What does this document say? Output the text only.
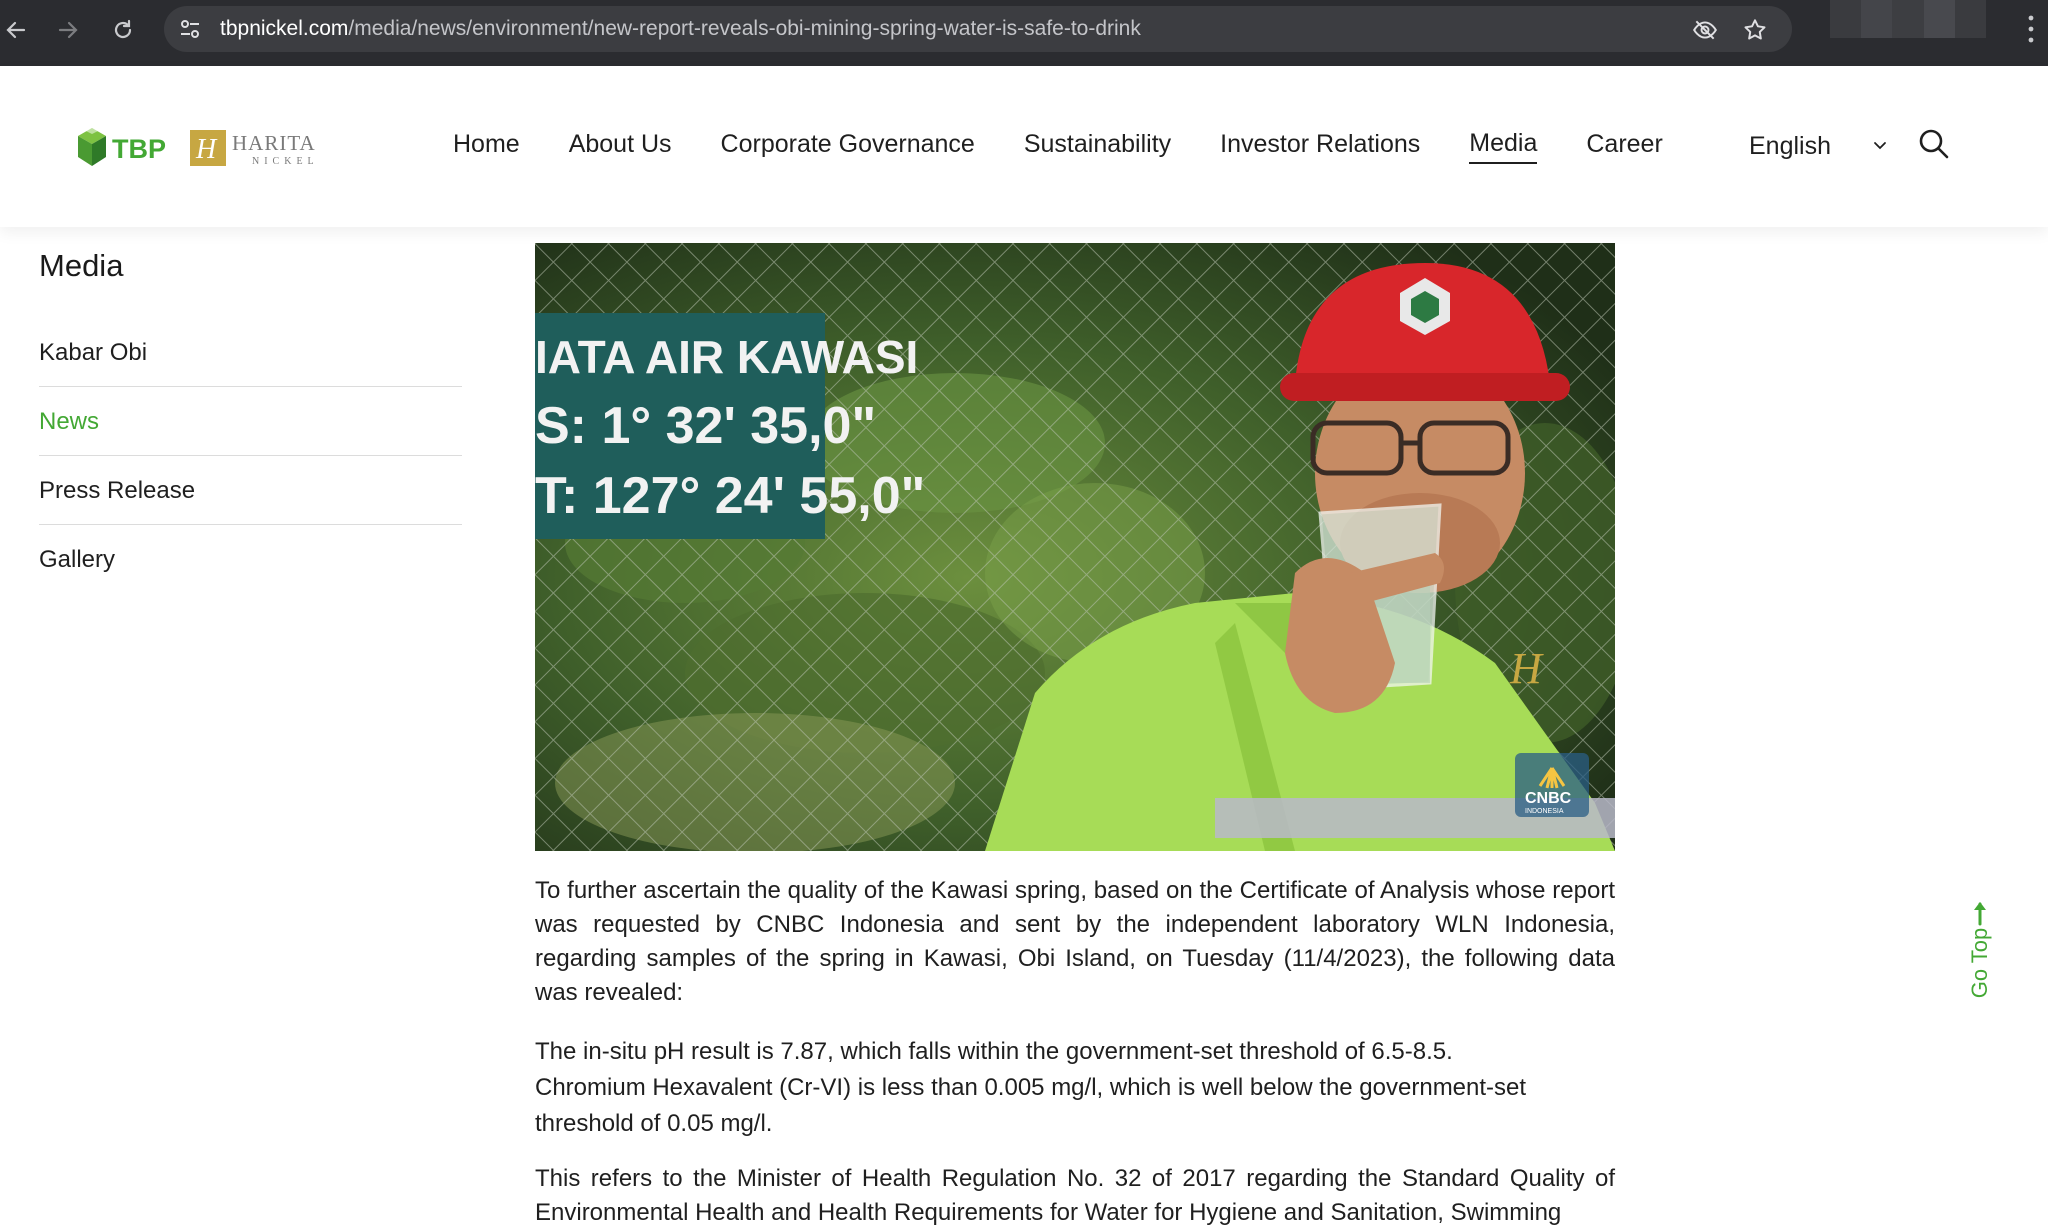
tbpnickel.com/media/news/environment/new-report-reveals-obi-mining-spring-water-is-safe-to-drink
TBP H HARITA
NICKEL
Home About Us Corporate Governance Sustainability Investor Relations Media Career	English
Media
Kabar Obi
News
Press Release
Gallery
IATA AIR KAWASI
S: 1° 32' 35,0"
T: 127° 24' 55,0"
H
CNBC
INDONESIA

To further ascertain the quality of the Kawasi spring, based on the Certificate of Analysis whose report was requested by CNBC Indonesia and sent by the independent laboratory WLN Indonesia, regarding samples of the spring in Kawasi, Obi Island, on Tuesday (11/4/2023), the following data was revealed:

The in-situ pH result is 7.87, which falls within the government-set threshold of 6.5-8.5.
Chromium Hexavalent (Cr-VI) is less than 0.005 mg/l, which is well below the government-set threshold of 0.05 mg/l.

This refers to the Minister of Health Regulation No. 32 of 2017 regarding the Standard Quality of Environmental Health and Health Requirements for Water for Hygiene and Sanitation, Swimming

Go Top
